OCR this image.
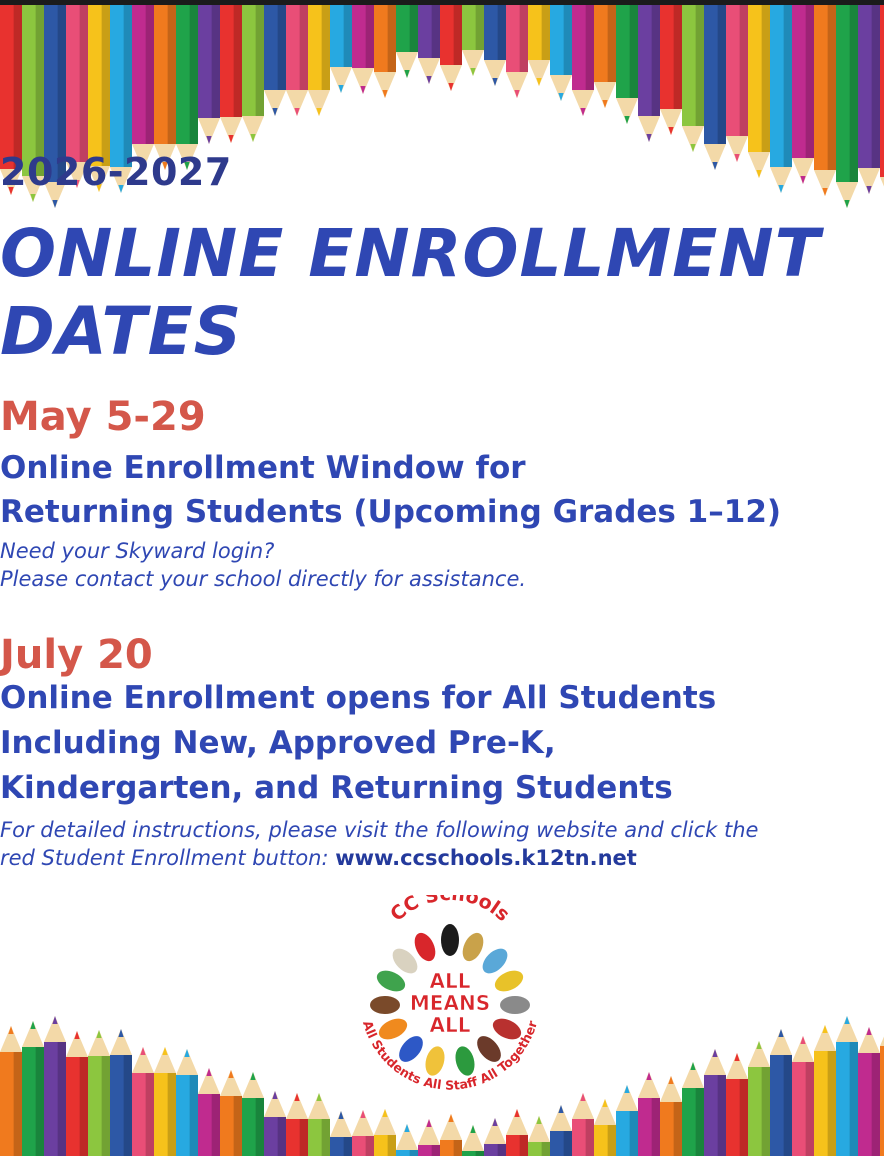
2026-2027
ONLINE ENROLLMENT
DATES
May 5-29
Online Enrollment Window for
Returning Students (Upcoming Grades 1–12)
Need your Skyward login?
Please contact your school directly for assistance.
July 20
Online Enrollment opens for All Students
Including New, Approved Pre-K,
Kindergarten, and Returning Students
For detailed instructions, please visit the following website and click the
red Student Enrollment button: www.ccschools.k12tn.net
CC S ools
ALL
MEANS
ALL
All Students All Staff All Together
